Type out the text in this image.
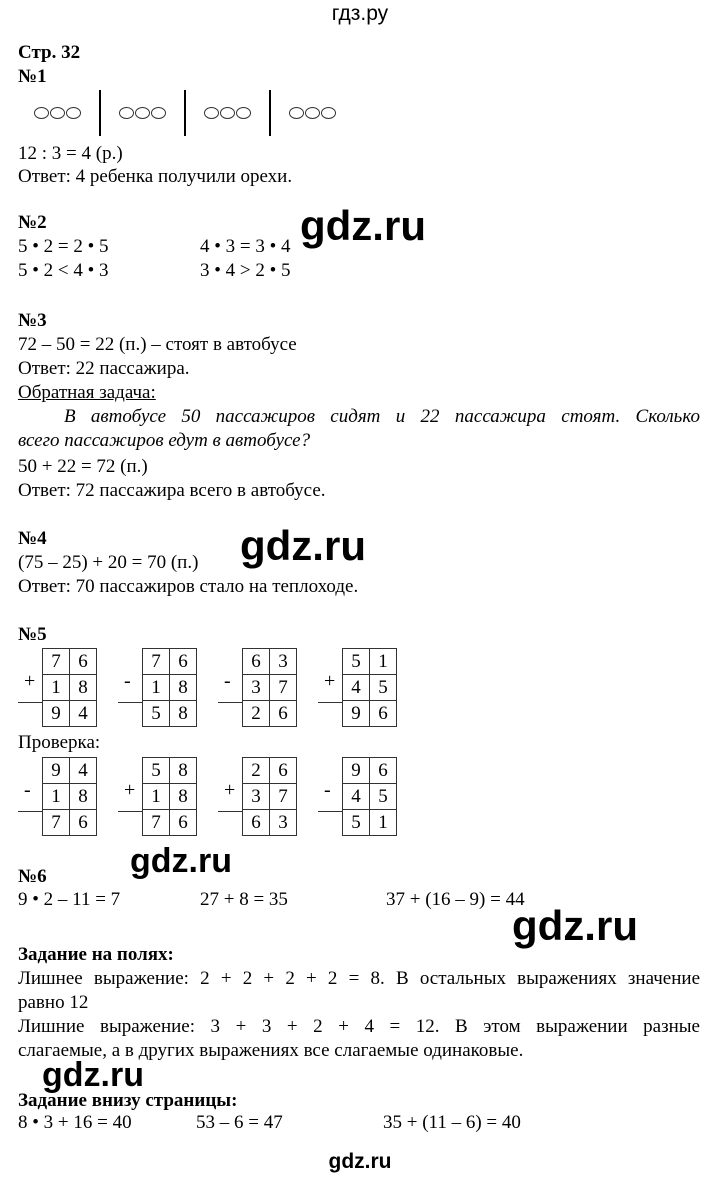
гдз.ру
Стр. 32
№1
12 : 3 = 4 (р.)
Ответ: 4 ребенка получили орехи.
№2
5 • 2 = 2 • 5	4 • 3 = 3 • 4
5 • 2 < 4 • 3	3 • 4 > 2 • 5
gdz.ru
№3
72 – 50 = 22 (п.) – стоят в автобусе
Ответ: 22 пассажира.
Обратная задача:
В автобусе 50 пассажиров сидят и 22 пассажира стоят. Сколько
всего пассажиров едут в автобусе?
50 + 22 = 72 (п.)
Ответ: 72 пассажира всего в автобусе.
№4
(75 – 25) + 20 = 70 (п.)
Ответ: 70 пассажиров стало на теплоходе.
gdz.ru
№5
+
7	6
1	8
9	4
-
7	6
1	8
5	8
-
6	3
3	7
2	6
+
5	1
4	5
9	6
Проверка:
-
9	4
1	8
7	6
+
5	8
1	8
7	6
+
2	6
3	7
6	3
-
9	6
4	5
5	1
gdz.ru
№6
9 • 2 – 11 = 7	27 + 8 = 35	37 + (16 – 9) = 44
gdz.ru
Задание на полях:
Лишнее выражение: 2 + 2 + 2 + 2 = 8. В остальных выражениях значение
равно 12
Лишние выражение: 3 + 3 + 2 + 4 = 12. В этом выражении разные
слагаемые, а в других выражениях все слагаемые одинаковые.
gdz.ru
Задание внизу страницы:
8 • 3 + 16 = 40	53 – 6 = 47	35 + (11 – 6) = 40
gdz.ru
